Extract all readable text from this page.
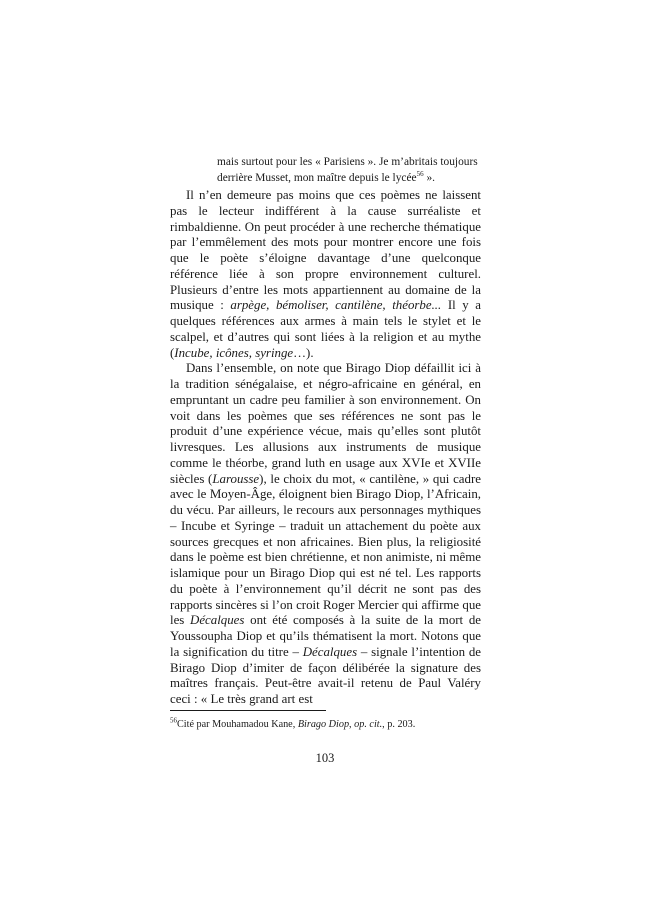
mais surtout pour les « Parisiens ». Je m’abritais toujours

derrière Musset, mon maître depuis le lycée$^{56}$ ».

Il n’en demeure pas moins que ces poèmes ne laissent pas le lecteur indifférent à la cause surréaliste et rimbaldienne. On peut procéder à une recherche thématique par l’emmêlement des mots pour montrer encore une fois que le poète s’éloigne davantage d’une quelconque référence liée à son propre environnement culturel. Plusieurs d’entre les mots appartiennent au domaine de la musique : arpège, bémoliser, cantilène, théorbe... Il y a quelques références aux armes à main tels le stylet et le scalpel, et d’autres qui sont liées à la religion et au mythe (Incube, icônes, syringe…).

Dans l’ensemble, on note que Birago Diop défaillit ici à la tradition sénégalaise, et négro-africaine en général, en empruntant un cadre peu familier à son environnement. On voit dans les poèmes que ses références ne sont pas le produit d’une expérience vécue, mais qu’elles sont plutôt livresques. Les allusions aux instruments de musique comme le théorbe, grand luth en usage aux XVIe et XVIIe siècles (Larousse), le choix du mot, « cantilène, » qui cadre avec le Moyen-Âge, éloignent bien Birago Diop, l’Africain, du vécu. Par ailleurs, le recours aux personnages mythiques – Incube et Syringe – traduit un attachement du poète aux sources grecques et non africaines. Bien plus, la religiosité dans le poème est bien chrétienne, et non animiste, ni même islamique pour un Birago Diop qui est né tel. Les rapports du poète à l’environnement qu’il décrit ne sont pas des rapports sincères si l’on croit Roger Mercier qui affirme que les Décalques ont été composés à la suite de la mort de Youssoupha Diop et qu’ils thématisent la mort. Notons que la signification du titre – Décalques – signale l’intention de Birago Diop d’imiter de façon délibérée la signature des maîtres français. Peut-être avait-il retenu de Paul Valéry ceci : « Le très grand art est

$^{56}$Cité par Mouhamadou Kane, Birago Diop, op. cit., p. 203.
103
